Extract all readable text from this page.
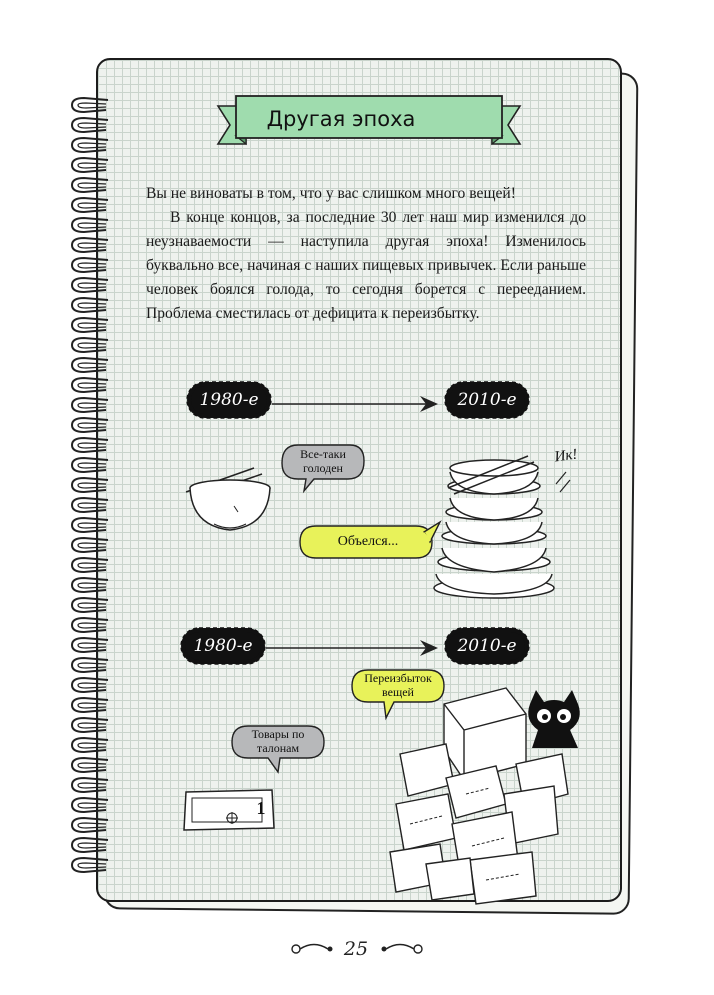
Другая эпоха

Вы не виноваты в том, что у вас слишком много вещей!

В конце концов, за последние 30 лет наш мир изменился до неузнаваемости — наступила другая эпоха! Изменилось буквально все, начиная с наших пищевых привычек. Если раньше человек боялся голода, то сегодня борется с перееданием. Проблема сместилась от дефицита к переизбытку.

1980-е	2010-е
Все-таки голоден
Ик!
Объелся...
1980-е	2010-е
Переизбыток вещей
Товары по талонам
1
25
